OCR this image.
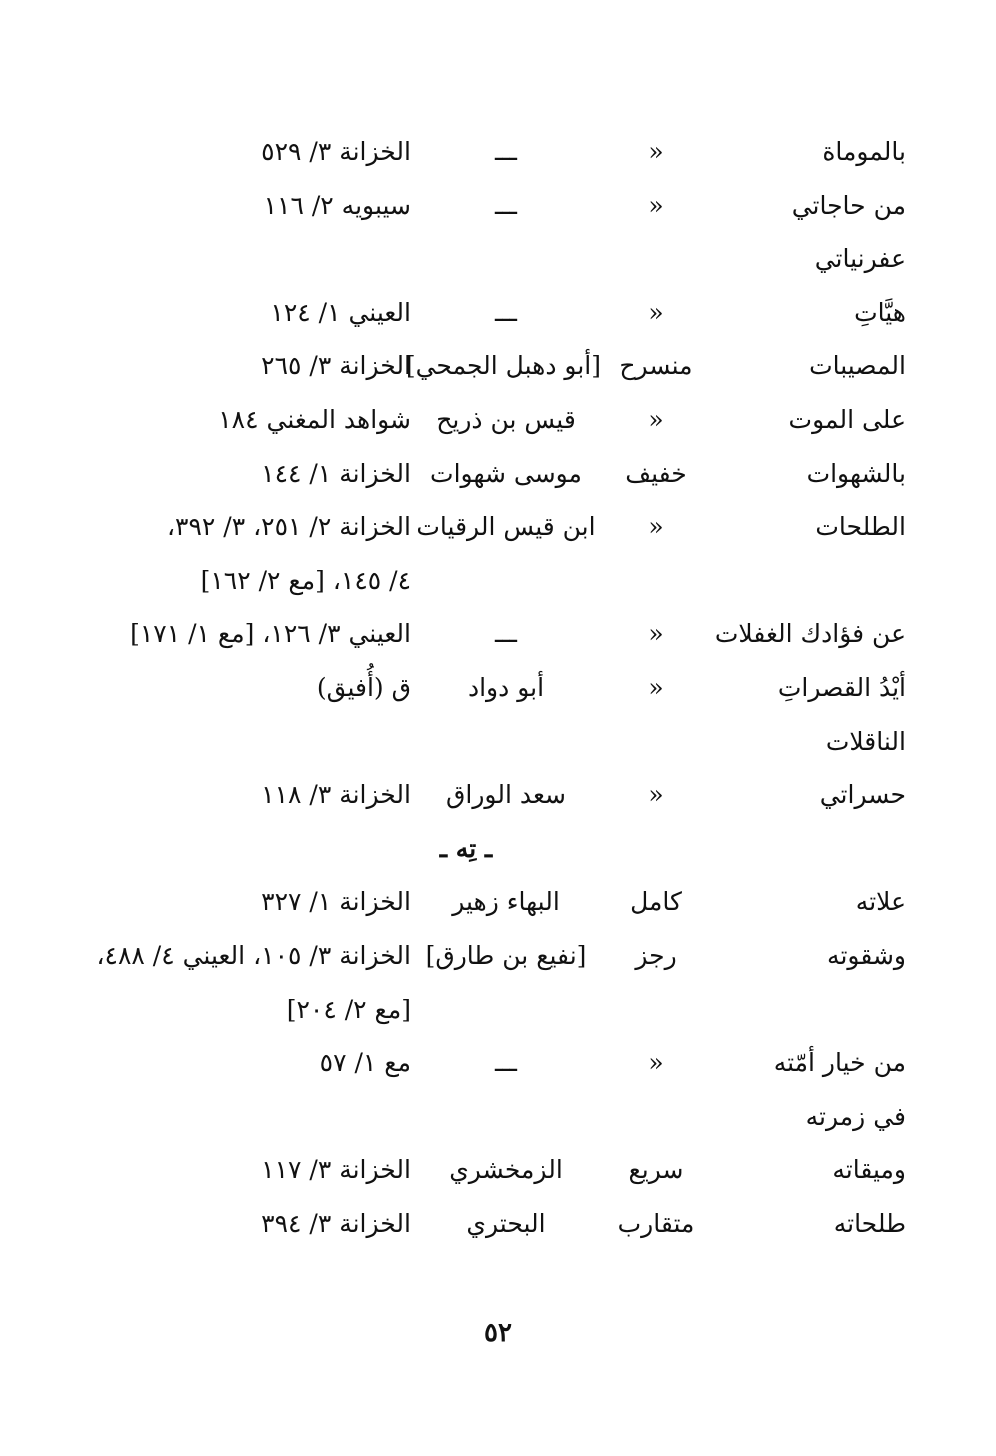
بالموماة
«
ـــ
الخزانة ٣/ ٥٢٩
من حاجاتي
«
ـــ
سيبويه ٢/ ١١٦
عفرنياتي
هيَّاتِ
«
ـــ
العيني ١/ ١٢٤
المصيبات
منسرح
[أبو دهبل الجمحي]
الخزانة ٣/ ٢٦٥
على الموت
«
قيس بن ذريح
شواهد المغني ١٨٤
بالشهوات
خفيف
موسى شهوات
الخزانة ١/ ١٤٤
الطلحات
«
ابن قيس الرقيات
الخزانة ٢/ ٢٥١، ٣/ ٣٩٢،
٤/ ١٤٥، [مع ٢/ ١٦٢]
عن فؤادك الغفلات
«
ـــ
العيني ٣/ ١٢٦، [مع ١/ ١٧١]
أيْدُ القصراتِ
«
أبو دواد
ق (أُفيق)
الناقلات
حسراتي
«
سعد الوراق
الخزانة ٣/ ١١٨
ـ تِه ـ
علاته
كامل
البهاء زهير
الخزانة ١/ ٣٢٧
وشقوته
رجز
[نفيع بن طارق]
الخزانة ٣/ ١٠٥، العيني ٤/ ٤٨٨،
[مع ٢/ ٢٠٤]
من خيار أمّته
«
ـــ
مع ١/ ٥٧
في زمرته
وميقاته
سريع
الزمخشري
الخزانة ٣/ ١١٧
طلحاته
متقارب
البحتري
الخزانة ٣/ ٣٩٤
٥٢
